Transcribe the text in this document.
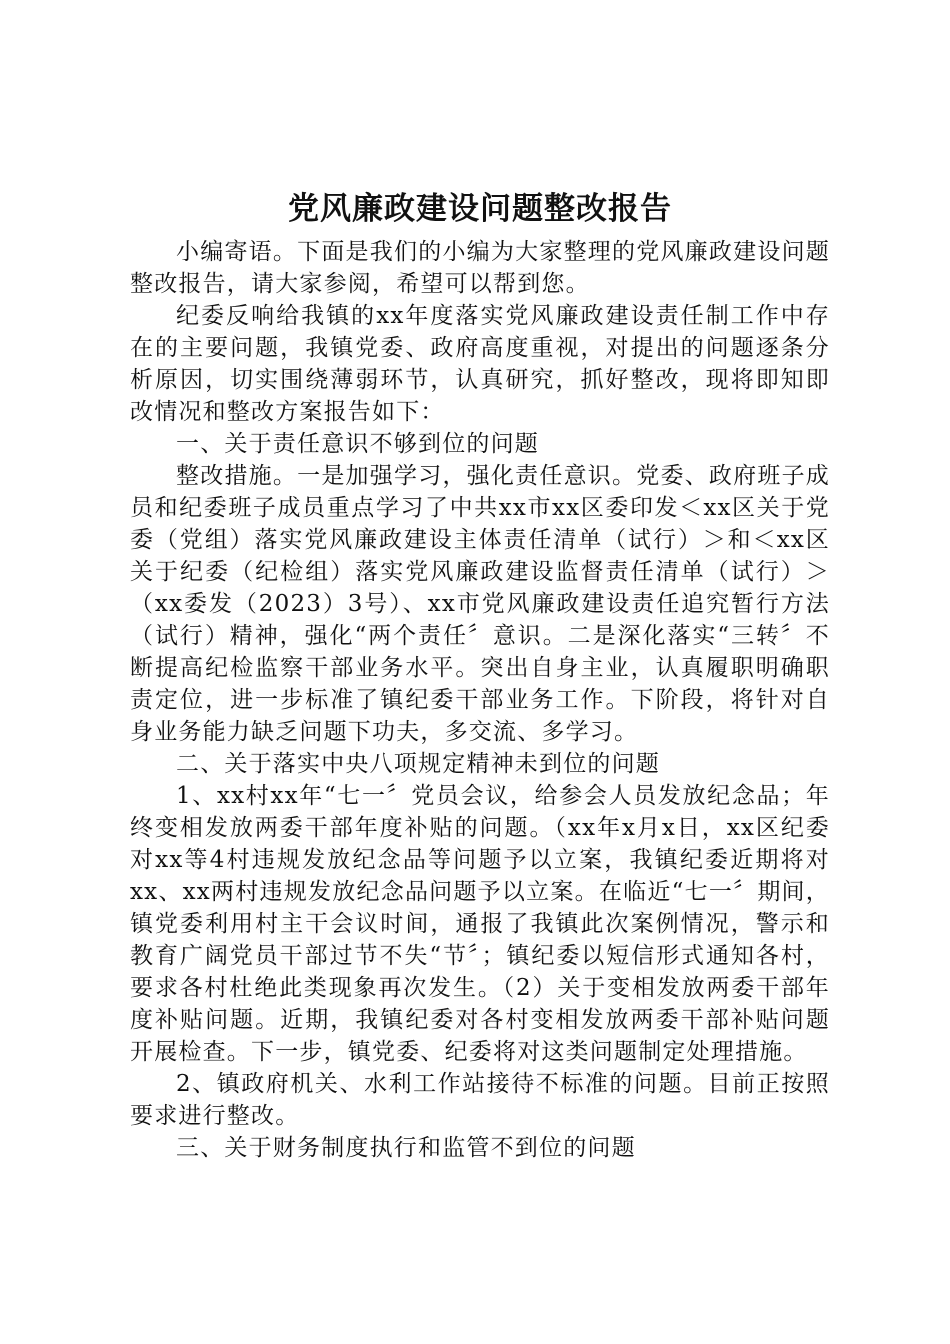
党风廉政建设问题整改报告

小编寄语。下面是我们的小编为大家整理的党风廉政建设问题整改报告，请大家参阅，希望可以帮到您。

纪委反响给我镇的xx年度落实党风廉政建设责任制工作中存在的主要问题，我镇党委、政府高度重视，对提出的问题逐条分析原因，切实围绕薄弱环节，认真研究，抓好整改，现将即知即改情况和整改方案报告如下：

一、关于责任意识不够到位的问题

整改措施。一是加强学习，强化责任意识。党委、政府班子成员和纪委班子成员重点学习了中共xx市xx区委印发＜xx区关于党委（党组）落实党风廉政建设主体责任清单（试行）＞和＜xx区关于纪委（纪检组）落实党风廉政建设监督责任清单（试行）＞（xx委发（2023）3号）、xx市党风廉政建设责任追究暂行方法（试行）精神，强化“两个责任〞意识。二是深化落实“三转〞不断提高纪检监察干部业务水平。突出自身主业，认真履职明确职责定位，进一步标准了镇纪委干部业务工作。下阶段，将针对自身业务能力缺乏问题下功夫，多交流、多学习。

二、关于落实中央八项规定精神未到位的问题

1、xx村xx年“七一〞党员会议，给参会人员发放纪念品；年终变相发放两委干部年度补贴的问题。（xx年x月x日，xx区纪委对xx等4村违规发放纪念品等问题予以立案，我镇纪委近期将对xx、xx两村违规发放纪念品问题予以立案。在临近“七一〞期间，镇党委利用村主干会议时间，通报了我镇此次案例情况，警示和教育广阔党员干部过节不失“节〞；镇纪委以短信形式通知各村，要求各村杜绝此类现象再次发生。（2）关于变相发放两委干部年度补贴问题。近期，我镇纪委对各村变相发放两委干部补贴问题开展检查。下一步，镇党委、纪委将对这类问题制定处理措施。

2、镇政府机关、水利工作站接待不标准的问题。目前正按照要求进行整改。

三、关于财务制度执行和监管不到位的问题
